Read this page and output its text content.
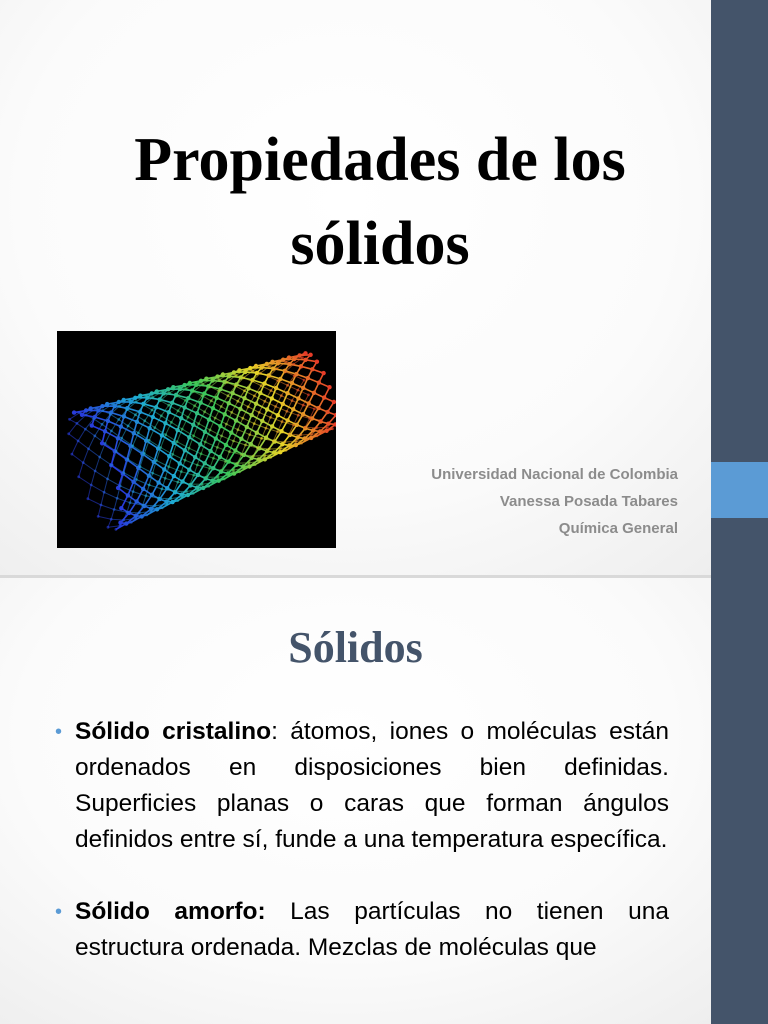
Propiedades de los sólidos
Universidad Nacional de Colombia
Vanessa Posada Tabares
Química General
Sólidos
• Sólido cristalino: átomos, iones o moléculas están ordenados en disposiciones bien definidas. Superficies planas o caras que forman ángulos definidos entre sí, funde a una temperatura específica.
• Sólido amorfo: Las partículas no tienen una estructura ordenada. Mezclas de moléculas que
